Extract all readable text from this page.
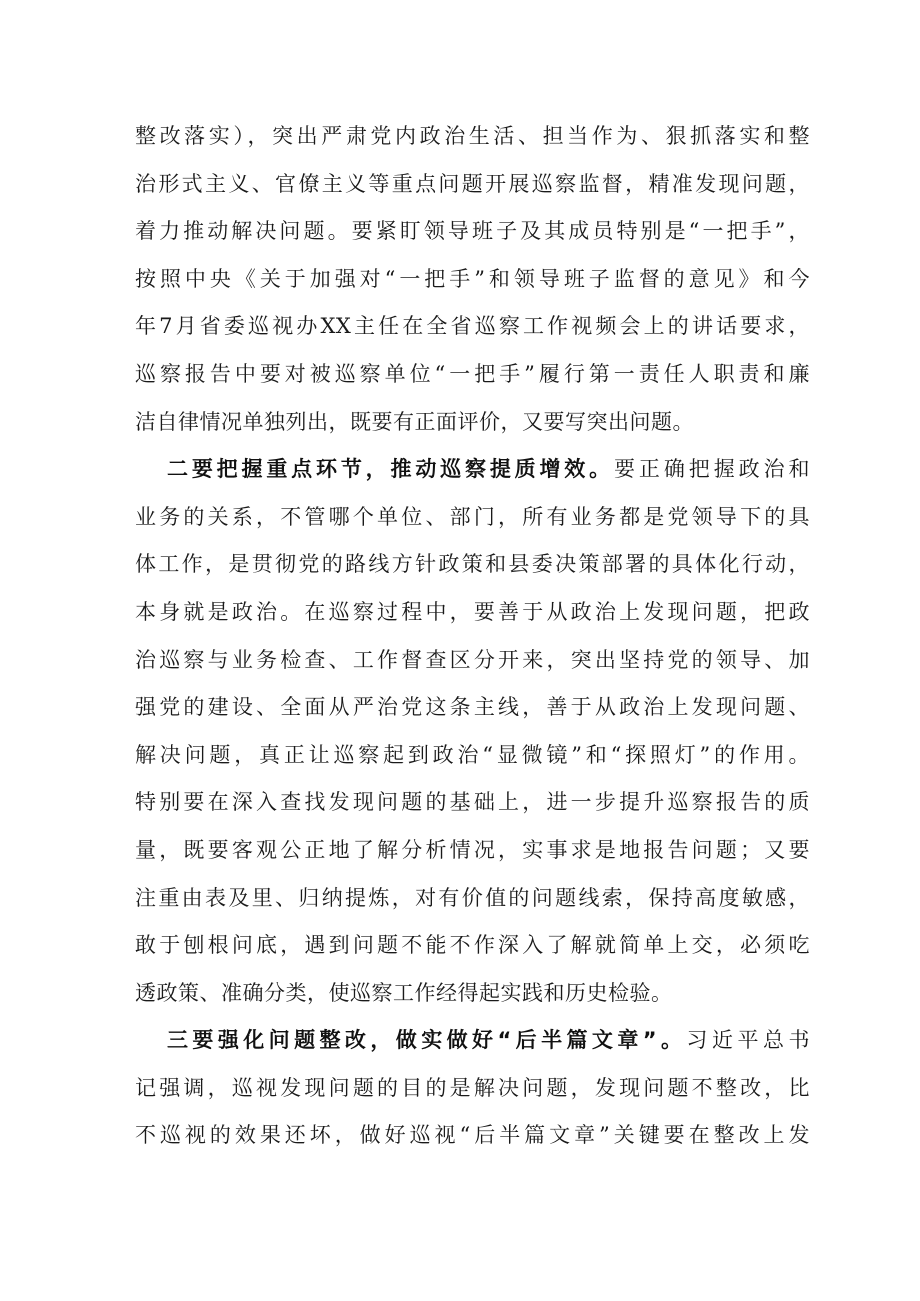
整改落实），突出严肃党内政治生活、担当作为、狠抓落实和整
治形式主义、官僚主义等重点问题开展巡察监督，精准发现问题，
着力推动解决问题。要紧盯领导班子及其成员特别是“一把手”，
按照中央《关于加强对“一把手”和领导班子监督的意见》和今
年7月省委巡视办XX主任在全省巡察工作视频会上的讲话要求，
巡察报告中要对被巡察单位“一把手”履行第一责任人职责和廉
洁自律情况单独列出，既要有正面评价，又要写突出问题。
二要把握重点环节，推动巡察提质增效。要正确把握政治和
业务的关系，不管哪个单位、部门，所有业务都是党领导下的具
体工作，是贯彻党的路线方针政策和县委决策部署的具体化行动，
本身就是政治。在巡察过程中，要善于从政治上发现问题，把政
治巡察与业务检查、工作督查区分开来，突出坚持党的领导、加
强党的建设、全面从严治党这条主线，善于从政治上发现问题、
解决问题，真正让巡察起到政治“显微镜”和“探照灯”的作用。
特别要在深入查找发现问题的基础上，进一步提升巡察报告的质
量，既要客观公正地了解分析情况，实事求是地报告问题；又要
注重由表及里、归纳提炼，对有价值的问题线索，保持高度敏感，
敢于刨根问底，遇到问题不能不作深入了解就简单上交，必须吃
透政策、准确分类，使巡察工作经得起实践和历史检验。
三要强化问题整改，做实做好“后半篇文章”。习近平总书
记强调，巡视发现问题的目的是解决问题，发现问题不整改，比
不巡视的效果还坏，做好巡视“后半篇文章”关键要在整改上发
